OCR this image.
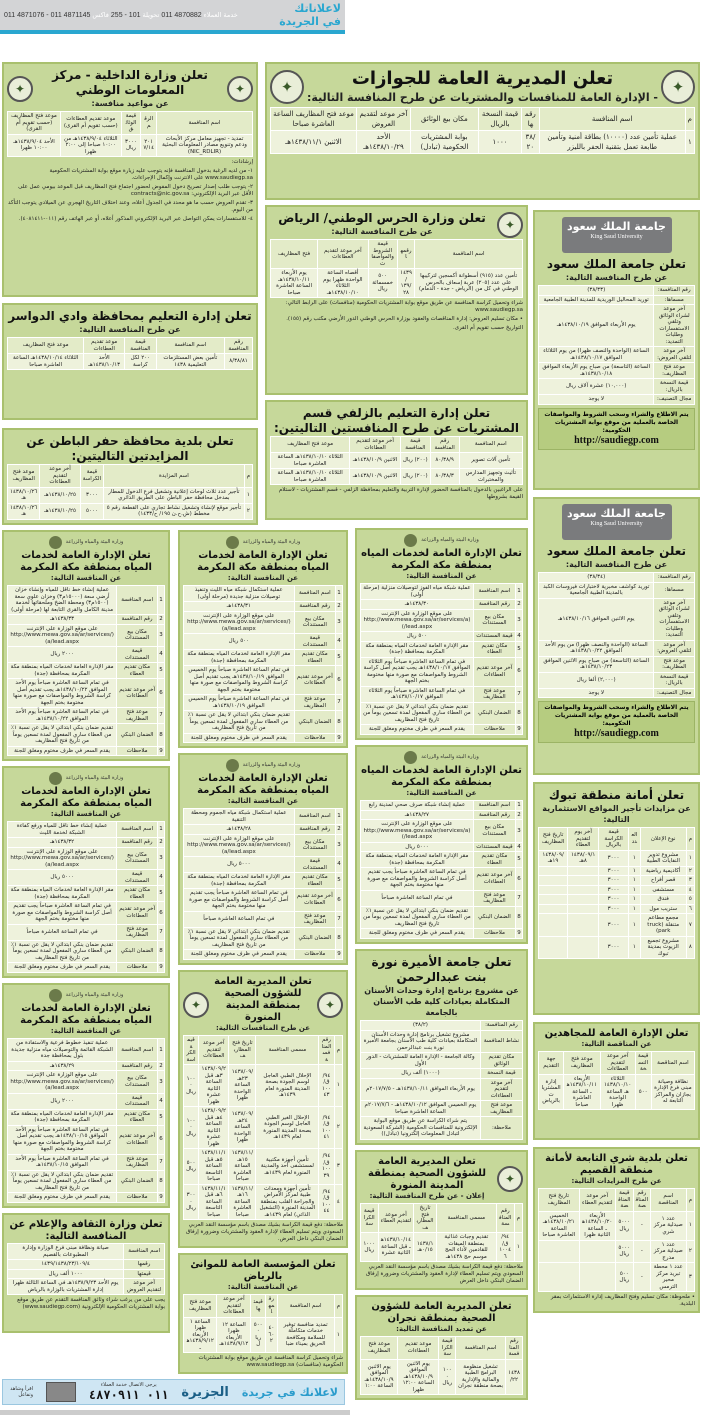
لاعلاناتك في الجريدة
011 4871076 - 011 4871145 فاكس 255 - 101 تحويلة 011 4870882 خدمة العملاء
✦
تعلن المديرية العامة للجوازات
- الإدارة العامة للمنافسات والمشتريات عن طرح المنافسة التالية:
✦
م	اسم المنافسة	رقمها	قيمة النسخة بالريال	مكان بيع الوثائق	آخر موعد لتقديم العروض	موعد فتح المظاريف الساعة العاشرة صباحا
١	عملية تأمين عدد (١٠٠٠٠) بطاقة أمنية وتأمين طابعة تعمل بتقنية الحفر بالليزر	٣٨/٢٠	١٠٠٠	بوابة المشتريات الحكومية (تبادل)	الأحد ١٤٣٨/١٠/٢٩هـ	الاثنين ١٤٣٨/١١/١هـ
✦
تعلن وزارة الداخلية - مركز المعلومات الوطني
عن مواعيد منافسة:
✦
اسم المنافسة	الرقم	قيمة الوثائق	موعد تقديم العطاءات (حسب تقويم أم القرى)	موعد فتح المظاريف (حسب تقويم أم القرى)
تمديد - تجهيز معامل مركز الأبحاث ودعم وتنويع مصادر المعلومات البحثية (NIC_RDLIR)	٢٠١٧/١٤	٣٠٠٠ ريال	الثلاثاء ١٤٣٨/٩/٠٤هـ من ١٠:٠٠ صباحا إلى ٢:٠٠ ظهرا	الأحد ١٤٣٨/٩/٠٤هـ ١٠:٠٠ ظهرا
إرشادات:
١- من لديه الرغبة بدخول المنافسة فإنه يتوجب عليه زيارة موقع بوابة المشتريات الحكومية www.saudiegp.sa على الانترنت وإكمال الإجراءات.
٢- يتوجب طلب إصدار تصريح دخول المفوض لحضور اجتماع فتح المظاريف قبل الموعد بيومي عمل على الأقل عبر البريد الإلكتروني: contracts@nic.gov.sa
٣- تقدم العروض حسب ما هو محدد في الجدول أعلاه، وعند اختلاف التاريخ الهجري عن الميلادي يتوجب التأكد من اليوم.
٤- للاستفسارات يمكن التواصل عبر البريد الإلكتروني المذكور أعلاه، أو عبر الهاتف رقم (٠١١-٤٠٨١٤١١).	✦
تعلن وزارة الحرس الوطني/ الرياض
عن طرح المنافسة التالية:
اسم المنافسة	رقمها	قيمة الشروط والمواصفات	آخر موعد لتقديم العطاءات	فتح المظاريف
تأمين عدد (٩١٥) أسطوانة أكسجين لتركيبها على عدد (٢٠٥) عربة إسعاف بالحرس الوطني في كل من (الرياض - جدة - الدمام)	١٤٣٩/١٣٩/٢٨	٥٠٠ خمسمائة ريال	أقصاه الساعة الواحدة ظهرا يوم الثلاثاء ١٤٣٨/١٠/١٠هـ	يوم الأربعاء ١٤٣٨/١٠/١١هـ الساعة العاشرة صباحا
شراء وتحميل كراسة المنافسة عن طريق موقع بوابة المشتريات الحكومية (منافسات) على الرابط التالي: www.saudiegp.sa
• مكان تسليم العروض: إدارة المناقصات والعقود بوزارة الحرس الوطني الدور الأرضي مكتب رقم (١٥٥).
التواريخ حسب تقويم أم القرى.
جامعة الملك سعود
King Saud University
تعلن جامعة الملك سعود
عن طرح المنافسة التالية:
رقم المنافسة:	(٣٨/٣٣)
مسماها:	توريد المحاليل الوريدية للمدينة الطبية الجامعية
آخر موعد لشراء الوثائق وتلقي الاستفسارات وطلبات التمديد:	يوم الأربعاء الموافق ١٤٣٨/١٠/١٩هـ
آخر موعد لتلقي العروض:	الساعة (الواحدة والنصف ظهرا) من يوم الثلاثاء الموافق ١٤٣٨/١٠/١٧هـ
موعد فتح المظاريف:	الساعة (التاسعة) من صباح يوم الأربعاء الموافق ١٤٣٨/١٠/١٨هـ
قيمة النسخة بالريال:	(١٠,٠٠٠) عشرة آلاف ريال
مجال التصنيف:	لا يوجد
يتم الاطلاع والشراء وسحب الشروط والمواصفات الخاصة بالعملية من موقع بوابة المشتريات الحكومية:
http://saudiegp.com
تعلن إدارة التعليم بمحافظة وادي الدواسر
عن طرح المنافسة التالية:
رقم المنافسة	اسم المنافسة	قيمة المنافسة	موعد تقديم العطاءات	موعد فتح المظاريف
٨/٣٨/٨١	تأمين بعض المستلزمات التعليمية ١٤٣٨	٢٠٠ لكل كراسة	الأحد ١٤٣٨/١٠/١٣هـ	الثلاثاء ١٤٣٨/١٠/١٤هـ الساعة العاشرة صباحا
تعلن بلدية محافظة حفر الباطن عن المزايدتين التاليتين:
م	اسم المزايدة	قيمة الكراسة	آخر موعد لتقديم العطاءات	موعد فتح المظاريف
١	تأجير عدد ثلاث لوحات إعلانية وتشغيل فرع الدخول للمطار بمدخل محافظة حفر الباطن على الطريق الدائري	٣٠٠٠	١٤٣٨/١٠/٢٥هـ	١٤٣٨/١٠/٢٦هـ
٢	تأجير موقع لإنشاء وتشغيل نشاط تجاري على القطعة رقم ٥ مخطط (ش.ح.ن ١٩٥/ ح/١٤٣٣)	٥٠٠٠	١٤٣٨/١٠/٢٥هـ	١٤٣٨/١٠/٢٦هـ
تعلن إدارة التعليم بالزلفي قسم المشتريات عن طرح المنافستين التاليتين:
اسم المنافسة	رقم المنافسة	قيمة المنافسة	آخر موعد لتقديم العطاءات	موعد فتح المظاريف
تأمين آلات تصوير	٨٠/٣٨/٩	(٢٠٠) ريال	الاثنين ١٤٣٨/١٠/٩هـ	الثلاثاء ١٤٣٨/١٠/١٠هـ الساعة العاشرة صباحا
تأثيث وتجهيز المدارس والمختبرات	٨٠/٣٨/٣	(٢٠٠) ريال	الاثنين ١٤٣٨/١٠/٩هـ	الثلاثاء ١٤٣٨/١٠/١٠هـ الساعة العاشرة صباحا
على الراغبين بالدخول بالمنافسة الحضور لإدارة التربية والتعليم بمحافظة الزلفي - قسم المشتريات - لاستلام القيمة بشروطها
جامعة الملك سعود
King Saud University
تعلن جامعة الملك سعود
عن طرح المنافسة التالية:
رقم المنافسة:	(٣٨/٣٤)
مسماها:	توريد كواشف مخبرية لاختبارات فيروسات الكبد بالمدينة الطبية الجامعية
آخر موعد لشراء الوثائق وتلقي الاستفسارات وطلبات التمديد:	يوم الاثنين الموافق ١٤٣٨/١٠/١٦هـ
آخر موعد لتلقي العروض:	الساعة (الواحدة والنصف ظهرا) من يوم الأحد الموافق ١٤٣٨/١٠/٢٢هـ
موعد فتح المظاريف:	الساعة (التاسعة) من صباح يوم الاثنين الموافق ١٤٣٨/١٠/٢٣هـ
قيمة النسخة بالريال:	(٢,٠٠٠) ألفا ريال
مجال التصنيف:	لا يوجد
يتم الاطلاع والشراء وسحب الشروط والمواصفات الخاصة بالعملية من موقع بوابة المشتريات الحكومية:
http://saudiegp.com
وزارة البيئة والمياه والزراعة
تعلن الإدارة العامة لخدمات المياه بمنطقة مكة المكرمة
عن المنافسة التالية:
1	اسم المنافسة	عملية شبكة مياه الفوز لتوصيلات منزلية (مرحلة أولى)
2	رقم المنافسة	١٤٣٨/٣٠هـ
3	مكان بيع المستندات	على موقع الوزارة على الإنترنت (http://www.mewa.gov.sa/ar/services/a/lead.aspx)
4	قيمة المستندات	٥٠٠ ريال
5	مكان تقديم العطاء	مقر الإدارة العامة لخدمات المياه بمنطقة مكة المكرمة بمحافظة (جدة)
6	آخر موعد تقديم العطاءات	في تمام الساعة العاشرة صباحاً يوم الثلاثاء الموافق ١٤٣٨/١٠/١٧هـ يجب تقديم أصل كراسة الشروط والمواصفات مع صورة منها مختومة بختم الجهة
7	موعد فتح المظاريف	في تمام الساعة العاشرة صباحاً يوم الثلاثاء الموافق ١٤٣٨/١٠/١٧هـ
8	الضمان البنكي	تقديم ضمان بنكي ابتدائي لا يقل عن نسبة ١٪ من العطاء ساري المفعول لمدة تسعين يوماً من تاريخ فتح المظاريف
9	ملاحظات	يقدم السعر في ظرف مختوم ومغلق للجنة
وزارة البيئة والمياه والزراعة
تعلن الإدارة العامة لخدمات المياه بمنطقة مكة المكرمة
عن المنافسة التالية:
1	اسم المنافسة	عملية استكمال شبكة مياه الليث وتنفيذ توصيلات منزلية جديدة (مرحلة أولى)
2	رقم المنافسة	١٤٣٨/٣١هـ
3	مكان بيع المستندات	على موقع الوزارة على الإنترنت (http://www.mewa.gov.sa/ar/services/a/lead.aspx)
4	قيمة المستندات	٥٠٠ ريال
5	مكان تقديم العطاء	مقر الإدارة العامة لخدمات المياه بمنطقة مكة المكرمة بمحافظة (جدة)
6	آخر موعد تقديم العطاءات	في تمام الساعة العاشرة صباحاً يوم الخميس الموافق ١٤٣٨/١٠/١٩هـ يجب تقديم أصل كراسة الشروط والمواصفات مع صورة منها مختومة بختم الجهة
7	موعد فتح المظاريف	في تمام الساعة العاشرة صباحاً يوم الخميس الموافق ١٤٣٨/١٠/١٩هـ
8	الضمان البنكي	تقديم ضمان بنكي ابتدائي لا يقل عن نسبة ١٪ من العطاء ساري المفعول لمدة تسعين يوماً من تاريخ فتح المظاريف
9	ملاحظات	يقدم السعر في ظرف مختوم ومغلق للجنة
وزارة البيئة والمياه والزراعة
تعلن الإدارة العامة لخدمات المياه بمنطقة مكة المكرمة
عن المنافسة التالية:
1	اسم المنافسة	عملية إنشاء خط ناقل للمياه وإنشاء خزان أرضي سعة (١٥٠٠٠م٣) وخزان علوي سعة (١٥٠٠م٣) ومحطة الضخ وملحقاتها لخدمة مدينة الكامل والقرى التابعة لها (مرحلة أولى)
2	رقم المنافسة	١٤٣٨/٣٣هـ
3	مكان بيع المستندات	على موقع الوزارة على الإنترنت (http://www.mewa.gov.sa/ar/services/a/lead.aspx)
4	قيمة المستندات	٢٠٠٠ ريال
5	مكان تقديم العطاء	مقر الإدارة العامة لخدمات المياه بمنطقة مكة المكرمة بمحافظة (جدة)
6	آخر موعد تقديم العطاءات	في تمام الساعة العاشرة صباحاً يوم الأحد الموافق ١٤٣٨/١٠/٢٢هـ يجب تقديم أصل كراسة الشروط والمواصفات مع صورة منها مختومة بختم الجهة
7	موعد فتح المظاريف	في تمام الساعة العاشرة صباحاً يوم الأحد الموافق ١٤٣٨/١٠/٢٢هـ
8	الضمان البنكي	تقديم ضمان بنكي ابتدائي لا يقل عن نسبة ١٪ من العطاء ساري المفعول لمدة تسعين يوماً من تاريخ فتح المظاريف
9	ملاحظات	يقدم السعر في ظرف مختوم ومغلق للجنة
وزارة البيئة والمياه والزراعة
تعلن الإدارة العامة لخدمات المياه بمنطقة مكة المكرمة
عن المنافسة التالية:
1	اسم المنافسة	عملية إنشاء شبكة صرف صحي لمدينة رابغ
2	رقم المنافسة	١٤٣٨/٢٧هـ
3	مكان بيع المستندات	على موقع الوزارة على الإنترنت (http://www.mewa.gov.sa/ar/services/a/lead.aspx)
4	قيمة المستندات	٥٠٠٠ ريال
5	مكان تقديم العطاء	مقر الإدارة العامة لخدمات المياه بمنطقة مكة المكرمة بمحافظة (جدة)
6	آخر موعد تقديم العطاءات	في تمام الساعة العاشرة صباحاً يجب تقديم أصل كراسة الشروط والمواصفات مع صورة منها مختومة بختم الجهة
7	موعد فتح المظاريف	في تمام الساعة العاشرة صباحاً
8	الضمان البنكي	تقديم ضمان بنكي ابتدائي لا يقل عن نسبة ١٪ من العطاء ساري المفعول لمدة تسعين يوماً من تاريخ فتح المظاريف
9	ملاحظات	يقدم السعر في ظرف مختوم ومغلق للجنة
وزارة البيئة والمياه والزراعة
تعلن الإدارة العامة لخدمات المياه بمنطقة مكة المكرمة
عن المنافسة التالية:
1	اسم المنافسة	عملية استكمال شبكة مياه الجموم ومحطة التنقية
2	رقم المنافسة	١٤٣٨/٢٨هـ
3	مكان بيع المستندات	على موقع الوزارة على الإنترنت (http://www.mewa.gov.sa/ar/services/a/lead.aspx)
4	قيمة المستندات	٥٠٠٠ ريال
5	مكان تقديم العطاء	مقر الإدارة العامة لخدمات المياه بمنطقة مكة المكرمة بمحافظة (جدة)
6	آخر موعد تقديم العطاءات	في تمام الساعة العاشرة صباحاً يجب تقديم أصل كراسة الشروط والمواصفات مع صورة منها مختومة بختم الجهة
7	موعد فتح المظاريف	في تمام الساعة العاشرة صباحاً
8	الضمان البنكي	تقديم ضمان بنكي ابتدائي لا يقل عن نسبة ١٪ من العطاء ساري المفعول لمدة تسعين يوماً من تاريخ فتح المظاريف
9	ملاحظات	يقدم السعر في ظرف مختوم ومغلق للجنة
وزارة البيئة والمياه والزراعة
تعلن الإدارة العامة لخدمات المياه بمنطقة مكة المكرمة
عن المنافسة التالية:
1	اسم المنافسة	عملية إنشاء خط ناقل للمياه ورفع كفاءة الشبكة لخدمة الليث
2	رقم المنافسة	١٤٣٨/٣٢هـ
3	مكان بيع المستندات	على موقع الوزارة على الإنترنت (http://www.mewa.gov.sa/ar/services/a/lead.aspx)
4	قيمة المستندات	٥٠٠٠ ريال
5	مكان تقديم العطاء	مقر الإدارة العامة لخدمات المياه بمنطقة مكة المكرمة بمحافظة (جدة)
6	آخر موعد تقديم العطاءات	في تمام الساعة العاشرة صباحاً يجب تقديم أصل كراسة الشروط والمواصفات مع صورة منها مختومة بختم الجهة
7	موعد فتح المظاريف	في تمام الساعة العاشرة صباحاً
8	الضمان البنكي	تقديم ضمان بنكي ابتدائي لا يقل عن نسبة ١٪ من العطاء ساري المفعول لمدة تسعين يوماً من تاريخ فتح المظاريف
9	ملاحظات	يقدم السعر في ظرف مختوم ومغلق للجنة
تعلن أمانة منطقة تبوك
عن مزايدات تأجير المواقع الاستثمارية التالية:
م	نوع الإعلان	العدد	قيمة الكراسة بالريال	آخر يوم لتقديم العطاء	تاريخ فتح المظاريف
١	مشروع تدوير النفايات الطبية	١	٣٠٠٠	١٤٣٨/٠٩/١٨هـ	١٤٣٨/٠٩/١٩هـ
٢	أكاديمية رياضية	١	٣٠٠٠		
٣	قصر أفراح	١	٣٠٠٠		
٤	مستشفى	١	٣٠٠٠		
٥	فندق	١	٣٠٠٠		
٦	ستريب مول	١	٣٠٠٠		
٧	مجمع مطاعم متنقلة (truck park)	١	٣٠٠٠		
٨	مشروع تجميع الزيوت بمدينة تبوك	١	٣٠٠٠		
وزارة البيئة والمياه والزراعة
تعلن الإدارة العامة لخدمات المياه بمنطقة مكة المكرمة
عن المنافسة التالية:
1	اسم المنافسة	عملية تنفيذ خطوط فرعية والاستفادة من الشبكة القائمة والتوصيلات مياه منزلية جديدة بثول بمحافظة جدة
2	رقم المنافسة	١٤٣٨/٢٩هـ
3	مكان بيع المستندات	على موقع الوزارة على الإنترنت (http://www.mewa.gov.sa/ar/services/a/lead.aspx)
4	قيمة المستندات	٢٠٠٠ ريال
5	مكان تقديم العطاء	مقر الإدارة العامة لخدمات المياه بمنطقة مكة المكرمة بمحافظة (جدة)
6	آخر موعد تقديم العطاءات	في تمام الساعة العاشرة صباحاً يوم الأحد الموافق ١٤٣٨/١٠/١٥هـ يجب تقديم أصل كراسة الشروط والمواصفات مع صورة منها مختومة بختم الجهة
7	موعد فتح المظاريف	في تمام الساعة العاشرة صباحاً يوم الأحد الموافق ١٤٣٨/١٠/١٥هـ
8	الضمان البنكي	تقديم ضمان بنكي ابتدائي لا يقل عن نسبة ١٪ من العطاء ساري المفعول لمدة تسعين يوماً من تاريخ فتح المظاريف
9	ملاحظات	يقدم السعر في ظرف مختوم ومغلق للجنة
✦
تعلن المديرية العامة للشؤون الصحية بمنطقة المدينة المنورة
عن طرح المنافسات التالية:
✦
م	رقم المنافسة	مسمى المنافسة	تاريخ فتح المظاريف	آخر موعد لتقديم العطاءات	قيمة الكراسة
١	٩٤/ق/١٠٠٤٣	الإحلال الطبي العاجل لوسم الجودة بصحة المدينة المنورة لعام ١٤٣٩هـ	١٤٣٨/٠٩/٢٣هـ الساعة الواحدة ظهرا	١٤٣٨/٠٩/٢٣هـ قبل الساعة الثانية عشرة ظهرا	١٠٠٠ ريال
٢	٩٤/ق/١٠٠٤١	الإحلال الغير الطبي العاجل لوسم الجودة بصحة المدينة المنورة لعام ١٤٣٩هـ	١٤٣٨/٠٩/٢٤هـ الساعة الواحدة ظهرا	١٤٣٨/٠٩/٢٤هـ قبل الساعة الثانية عشرة ظهرا	١٠٠٠ ريال
٣	٩٤/ق/١٠٠٣٩	تأمين أجهزة مكتبية لمستشفى أحد والمدينة المنورة لعام ١٤٣٩هـ	١٤٣٨/١١/١٥هـ الساعة العاشرة صباحا	١٤٣٨/١١/١٥هـ قبل الساعة التاسعة صباحا	٥٠٠ ريال
٤	٩٤/ق/١٠٠٤٤	تأمين أجهزة ومعدات طبية لمركز الأمراض والجراحة القلب بمنطقة المدينة المنورة (التشغيل الذاتي) لعام ١٤٣٩هـ	١٤٣٨/١١/١٦هـ الساعة العاشرة صباحا	١٤٣٨/١١/١٦هـ قبل الساعة التاسعة صباحا	٣٠٠٠ ريال
ملاحظة: دفع قيمة الكراسة بشيك مصدق باسم مؤسسة النقد العربي السعودي ويتم تسليم العطاء لإدارة العقود والمشتريات وضرورة إرفاق الضمان البنكي داخل العرض.
تعلن جامعة الأميرة نورة بنت عبدالرحمن
عن مشروع برنامج إدارة وحدات الأسنان المتكاملة بعيادات كلية طب الأسنان بالجامعة
رقم المنافسة:	(٣٨/٢)
نشاط المنافسة	مشروع تشغيل برنامج إدارة وحدات الأسنان المتكاملة بعيادات كلية طب الأسنان بجامعة الأميرة نورة بنت عبدالرحمن
مكان تقديم الوثائق	وكالة الجامعة - الإدارة العامة للمشتريات - الدور الأول
قيمة النسخة	(١٠٠٠) ألف ريال
آخر موعد لتقديم العطاءات	يوم الأربعاء الموافق ١٤٣٨/١٠/١١هـ - ٢٠١٧/٧/٥م
موعد فتح المظاريف	يوم الخميس الموافق ١٤٣٨/١٠/١٢هـ - ٢٠١٧/٧/٦م الساعة العاشرة صباحا
ملاحظة:	يتم شراء الكراسة عن طريق موقع البوابة الإلكترونية للمنافسات الحكومية (الشركة السعودية لتبادل المعلومات إلكترونيا (تبادل))
تعلن الإدارة العامة للمجاهدين
عن المناقصة التالية:
اسم المناقصة	قيمة النسخة	آخر موعد لتقديم العطاءات	موعد فتح المظاريف	جهة التقديم
نظافة وصيانة مبنى فرع الإدارة بجازان والمراكز التابعة له	٥٠٠	الثلاثاء ١٤٣٨/١٠/١٠هـ الساعة الواحدة ظهرا	الأربعاء ١٤٣٨/١٠/١١هـ الساعة العاشرة صباحا	إدارة المشتريات بالرياض
تعلن وزارة الثقافة والإعلام عن المنافسة التالية:
اسم المنافسة	صيانة ونظافة مبنى فرع الوزارة وإدارة المطبوعات بالقصيم
رقمها	١٤٣٩/١٤٣٨/٢٣/١٠٩/٤
قيمتها	١٠٠٠ ألف ريال
آخر موعد لتقديم العروض	يوم الأحد ١٤٣٨/٩/٢٣هـ في الساعة الثالثة ظهرا إدارة المشتريات بالوزارة بالرياض
يجب على من يرغب شراء وثائق المنافسة التقدم عن طريق موقع بوابة المشتريات الحكومية الإلكترونية (www.saudiegp.com)
تعلن المؤسسة العامة للموانئ بالرياض
عن المنافسة التالية:
م	اسم المنافسة	رقمها	قيمتها	آخر موعد لتقديم العطاءات	موعد فتح المظاريف
١	تمديد منافسة توفير خدمات متكاملة للسلامة ومكافحة الحريق بميناء ضبا	٤٠٦٠٢	٥٠٠٠ ريال	الساعة ١٢ ظهرا الأربعاء ١٤٣٨/٩/١٢هـ	الساعة ١ ظهرا الأربعاء ١٤٣٨/٩/١٢هـ
شراء وتحميل كراسة المنافسة عن طريق موقع بوابة المشتريات الحكومية (منافسات) www.saudiegp.sa
✦
تعلن المديرية العامة للشؤون الصحية بمنطقة المدينة المنورة
إعلان - عن طرح المنافسة التالية:
م	رقم المنافسة	مسمى المنافسة	تاريخ فتح المظاريف	آخر موعد لتقديم العطاء	قيمة الكراسة
١	٩٤/ق/١٠٠٤٦	تقديم وجبات غذائية بمنطقة الميقات للقادمين لأداء الحج موسم حج ١٤٣٨هـ	١٤٣٨/١٠/١٥هـ	١٤٣٨/١٠/١٤هـ قبل الساعة الثانية عشرة	١٠٠٠ ريال
ملاحظة: دفع قيمة الكراسة بشيك مصدق باسم مؤسسة النقد العربي السعودي ويتم تسليم العطاء لإدارة العقود والمشتريات وضرورة إرفاق الضمان البنكي داخل العرض
تعلن المديرية العامة للشؤون الصحية بمنطقة نجران
عن تمديد المنافسة التالية:
رقم المنافسة	اسم المنافسة	قيمة الكراسة	موعد تقديم العطاءات	موعد فتح المظاريف
١٤٣٨/٢٢	تشغيل منظومة البرامج الطبية والمالية والإدارية بصحة منطقة نجران	١٠٠٠ ريال	يوم الاثنين الموافق ١٤٣٨/١٠/٩هـ الساعة ١٢:٠٠ ظهرا	يوم الاثنين الموافق ١٤٣٨/١٠/٩هـ الساعة ١:٠٠
تعلن بلدية شري التابعة لأمانة منطقة القصيم
عن طرح المزايدات التالية:
م	اسم المناقصة	رقم المناقصة	قيمة المناقصة	آخر موعد لتقديم العطاء	تاريخ فتح المظاريف
١	عدد ١ صيدلية مركز شري	-	٥٠٠٠ ريال	الأربعاء ١٤٣٨/١٠/٢٠هـ الساعة الثانية ظهرا	الخميس ١٤٣٨/١٠/٢١هـ الساعة العاشرة صباحا
٢	عدد ١ صيدلية مركز مدرج	-	٥٠٠٠ ريال		
٣	عدد ١ محطة تبريد مركز محير الترمس	-	٥٠٠ ريال		
• ملحوظة: مكان تسليم وفتح المظاريف إدارة الاستثمارات بمقر البلدية.
لاعلانك في جريدة
الجزيرة
يرجى الاتصال خدمة العملاء
٠١١ ٤٨٧٠٩١١
اقرأ وشاهد وتفاعل
